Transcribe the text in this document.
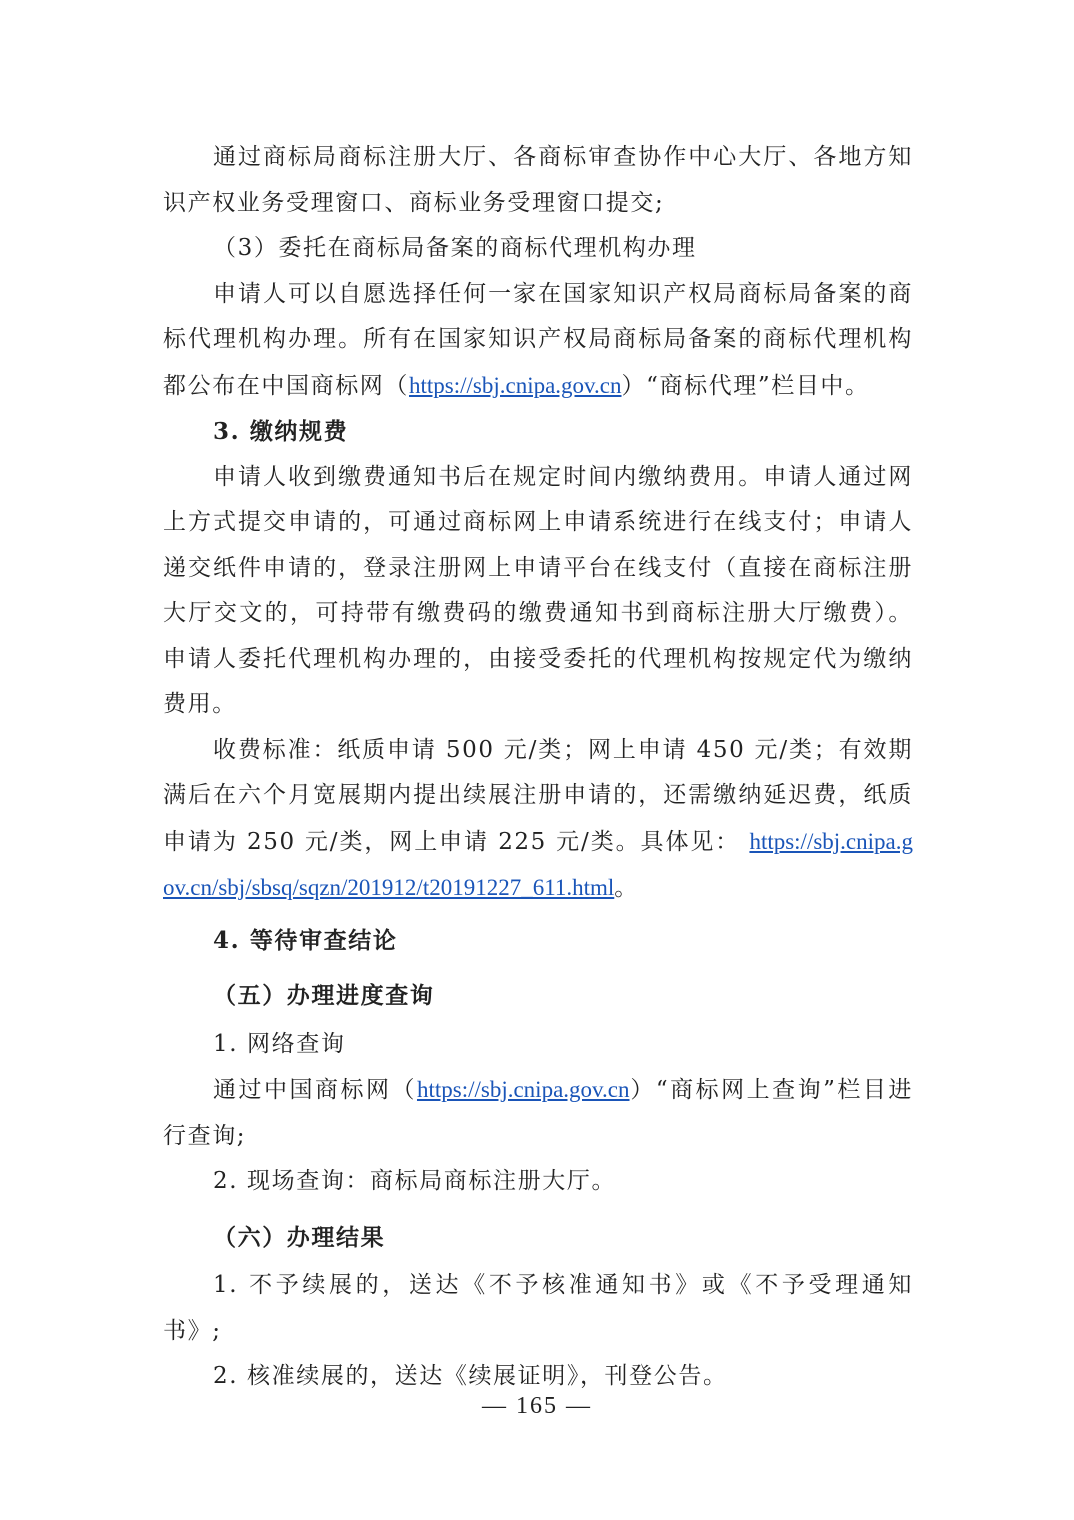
通过商标局商标注册大厅、各商标审查协作中心大厅、各地方知识产权业务受理窗口、商标业务受理窗口提交;

（3）委托在商标局备案的商标代理机构办理

申请人可以自愿选择任何一家在国家知识产权局商标局备案的商标代理机构办理。所有在国家知识产权局商标局备案的商标代理机构都公布在中国商标网（https://sbj.cnipa.gov.cn）“商标代理”栏目中。

3. 缴纳规费

申请人收到缴费通知书后在规定时间内缴纳费用。申请人通过网上方式提交申请的，可通过商标网上申请系统进行在线支付；申请人递交纸件申请的，登录注册网上申请平台在线支付（直接在商标注册大厅交文的，可持带有缴费码的缴费通知书到商标注册大厅缴费）。申请人委托代理机构办理的，由接受委托的代理机构按规定代为缴纳费用。

收费标准：纸质申请 500 元/类；网上申请 450 元/类；有效期满后在六个月宽展期内提出续展注册申请的，还需缴纳延迟费，纸质申请为 250 元/类，网上申请 225 元/类。具体见： https://sbj.cnipa.gov.cn/sbj/sbsq/sqzn/201912/t20191227_611.html。

4. 等待审查结论

（五）办理进度查询

1. 网络查询

通过中国商标网（https://sbj.cnipa.gov.cn）“商标网上查询”栏目进行查询;

2. 现场查询：商标局商标注册大厅。

（六）办理结果

1. 不予续展的，送达《不予核准通知书》或《不予受理通知书》;

2. 核准续展的，送达《续展证明》，刊登公告。

— 165 —
